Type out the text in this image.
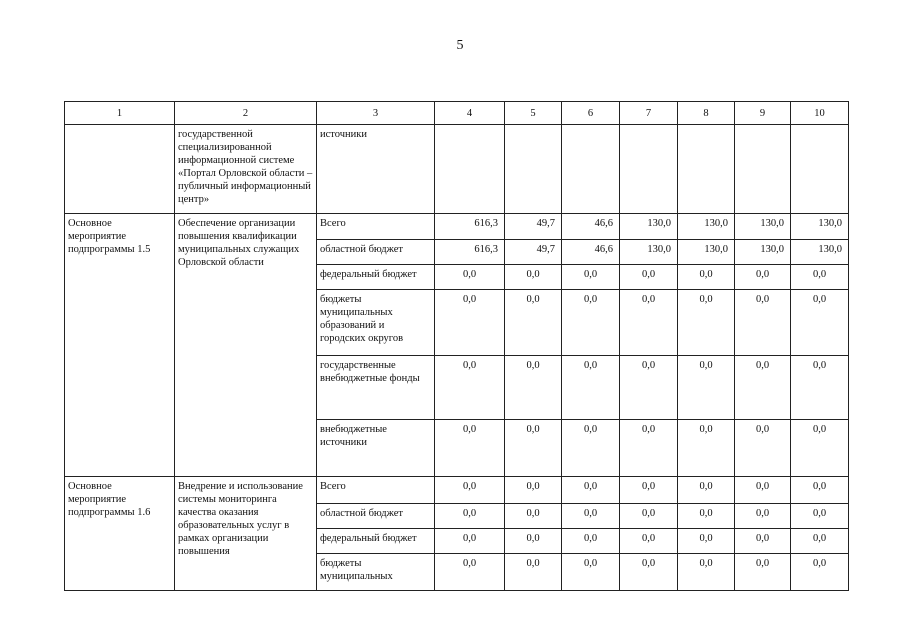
5
1	2	3	4	5	6	7	8	9	10
	государственной специализированной информационной системе «Портал Орловской области – публичный информационный центр»	источники							
Основное мероприятие подпрограммы 1.5	Обеспечение организации повышения квалификации муниципальных служащих Орловской области	Всего	616,3	49,7	46,6	130,0	130,0	130,0	130,0
		областной бюджет	616,3	49,7	46,6	130,0	130,0	130,0	130,0
		федеральный бюджет	0,0	0,0	0,0	0,0	0,0	0,0	0,0
		бюджеты муниципальных образований и городских округов	0,0	0,0	0,0	0,0	0,0	0,0	0,0
		государственные внебюджетные фонды	0,0	0,0	0,0	0,0	0,0	0,0	0,0
		внебюджетные источники	0,0	0,0	0,0	0,0	0,0	0,0	0,0
Основное мероприятие подпрограммы 1.6	Внедрение и использование системы мониторинга качества оказания образовательных услуг в рамках организации повышения	Всего	0,0	0,0	0,0	0,0	0,0	0,0	0,0
		областной бюджет	0,0	0,0	0,0	0,0	0,0	0,0	0,0
		федеральный бюджет	0,0	0,0	0,0	0,0	0,0	0,0	0,0
		бюджеты муниципальных	0,0	0,0	0,0	0,0	0,0	0,0	0,0
